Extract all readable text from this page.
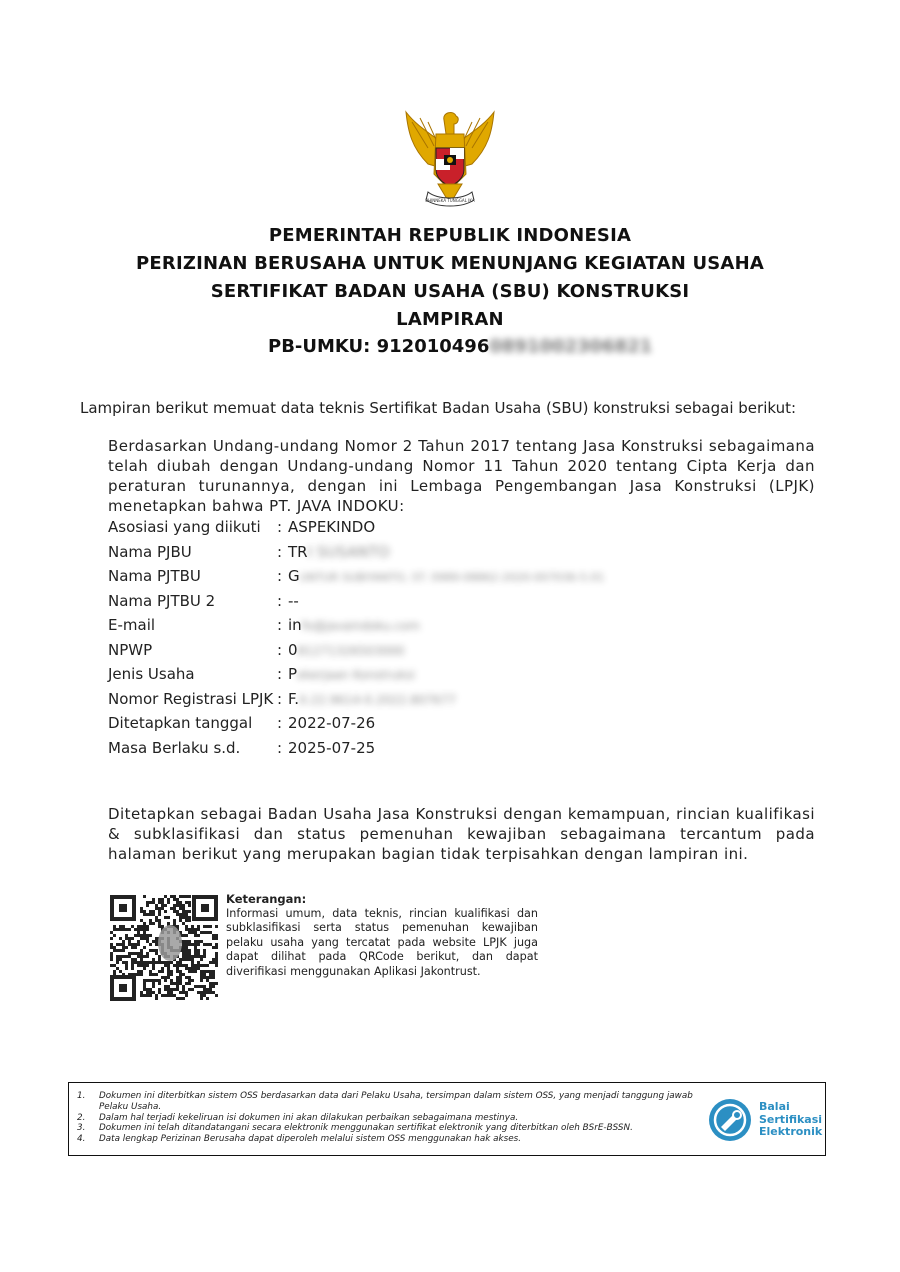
BHINNEKA TUNGGAL IKA
PEMERINTAH REPUBLIK INDONESIA
PERIZINAN BERUSAHA UNTUK MENUNJANG KEGIATAN USAHA
SERTIFIKAT BADAN USAHA (SBU) KONSTRUKSI
LAMPIRAN
PB-UMKU: 9120104960891002306821
Lampiran berikut memuat data teknis Sertifikat Badan Usaha (SBU) konstruksi sebagai berikut:
Berdasarkan Undang-undang Nomor 2 Tahun 2017 tentang Jasa Konstruksi sebagaimana telah diubah dengan Undang-undang Nomor 11 Tahun 2020 tentang Cipta Kerja dan peraturan turunannya, dengan ini Lembaga Pengembangan Jasa Konstruksi (LPJK) menetapkan bahwa PT. JAVA INDOKU:
Asosiasi yang diikuti : ASPEKINDO
Nama PJBU	: TRI SUSANTO
Nama PJTBU	: GUNTUR SUBIYANTO, ST. 0989-08862-2020-007036-5.01
Nama PJTBU 2	: --
E-mail	: info@javaindoku.com
NPWP	: 081271326503000
Jenis Usaha	: Pekerjaan Konstruksi
Nomor Registrasi LPJK : F.0.22.9614-0.2022.807677
Ditetapkan tanggal : 2022-07-26
Masa Berlaku s.d. : 2025-07-25
Ditetapkan sebagai Badan Usaha Jasa Konstruksi dengan kemampuan, rincian kualifikasi & subklasifikasi dan status pemenuhan kewajiban sebagaimana tercantum pada halaman berikut yang merupakan bagian tidak terpisahkan dengan lampiran ini.
Keterangan:
Informasi umum, data teknis, rincian kualifikasi dan subklasifikasi serta status pemenuhan kewajiban pelaku usaha yang tercatat pada website LPJK juga dapat dilihat pada QRCode berikut, dan dapat diverifikasi menggunakan Aplikasi Jakontrust.
1. Dokumen ini diterbitkan sistem OSS berdasarkan data dari Pelaku Usaha, tersimpan dalam sistem OSS, yang menjadi tanggung jawab Pelaku Usaha.
2. Dalam hal terjadi kekeliruan isi dokumen ini akan dilakukan perbaikan sebagaimana mestinya.
3. Dokumen ini telah ditandatangani secara elektronik menggunakan sertifikat elektronik yang diterbitkan oleh BSrE-BSSN.
4. Data lengkap Perizinan Berusaha dapat diperoleh melalui sistem OSS menggunakan hak akses.
Balai
Sertifikasi
Elektronik
